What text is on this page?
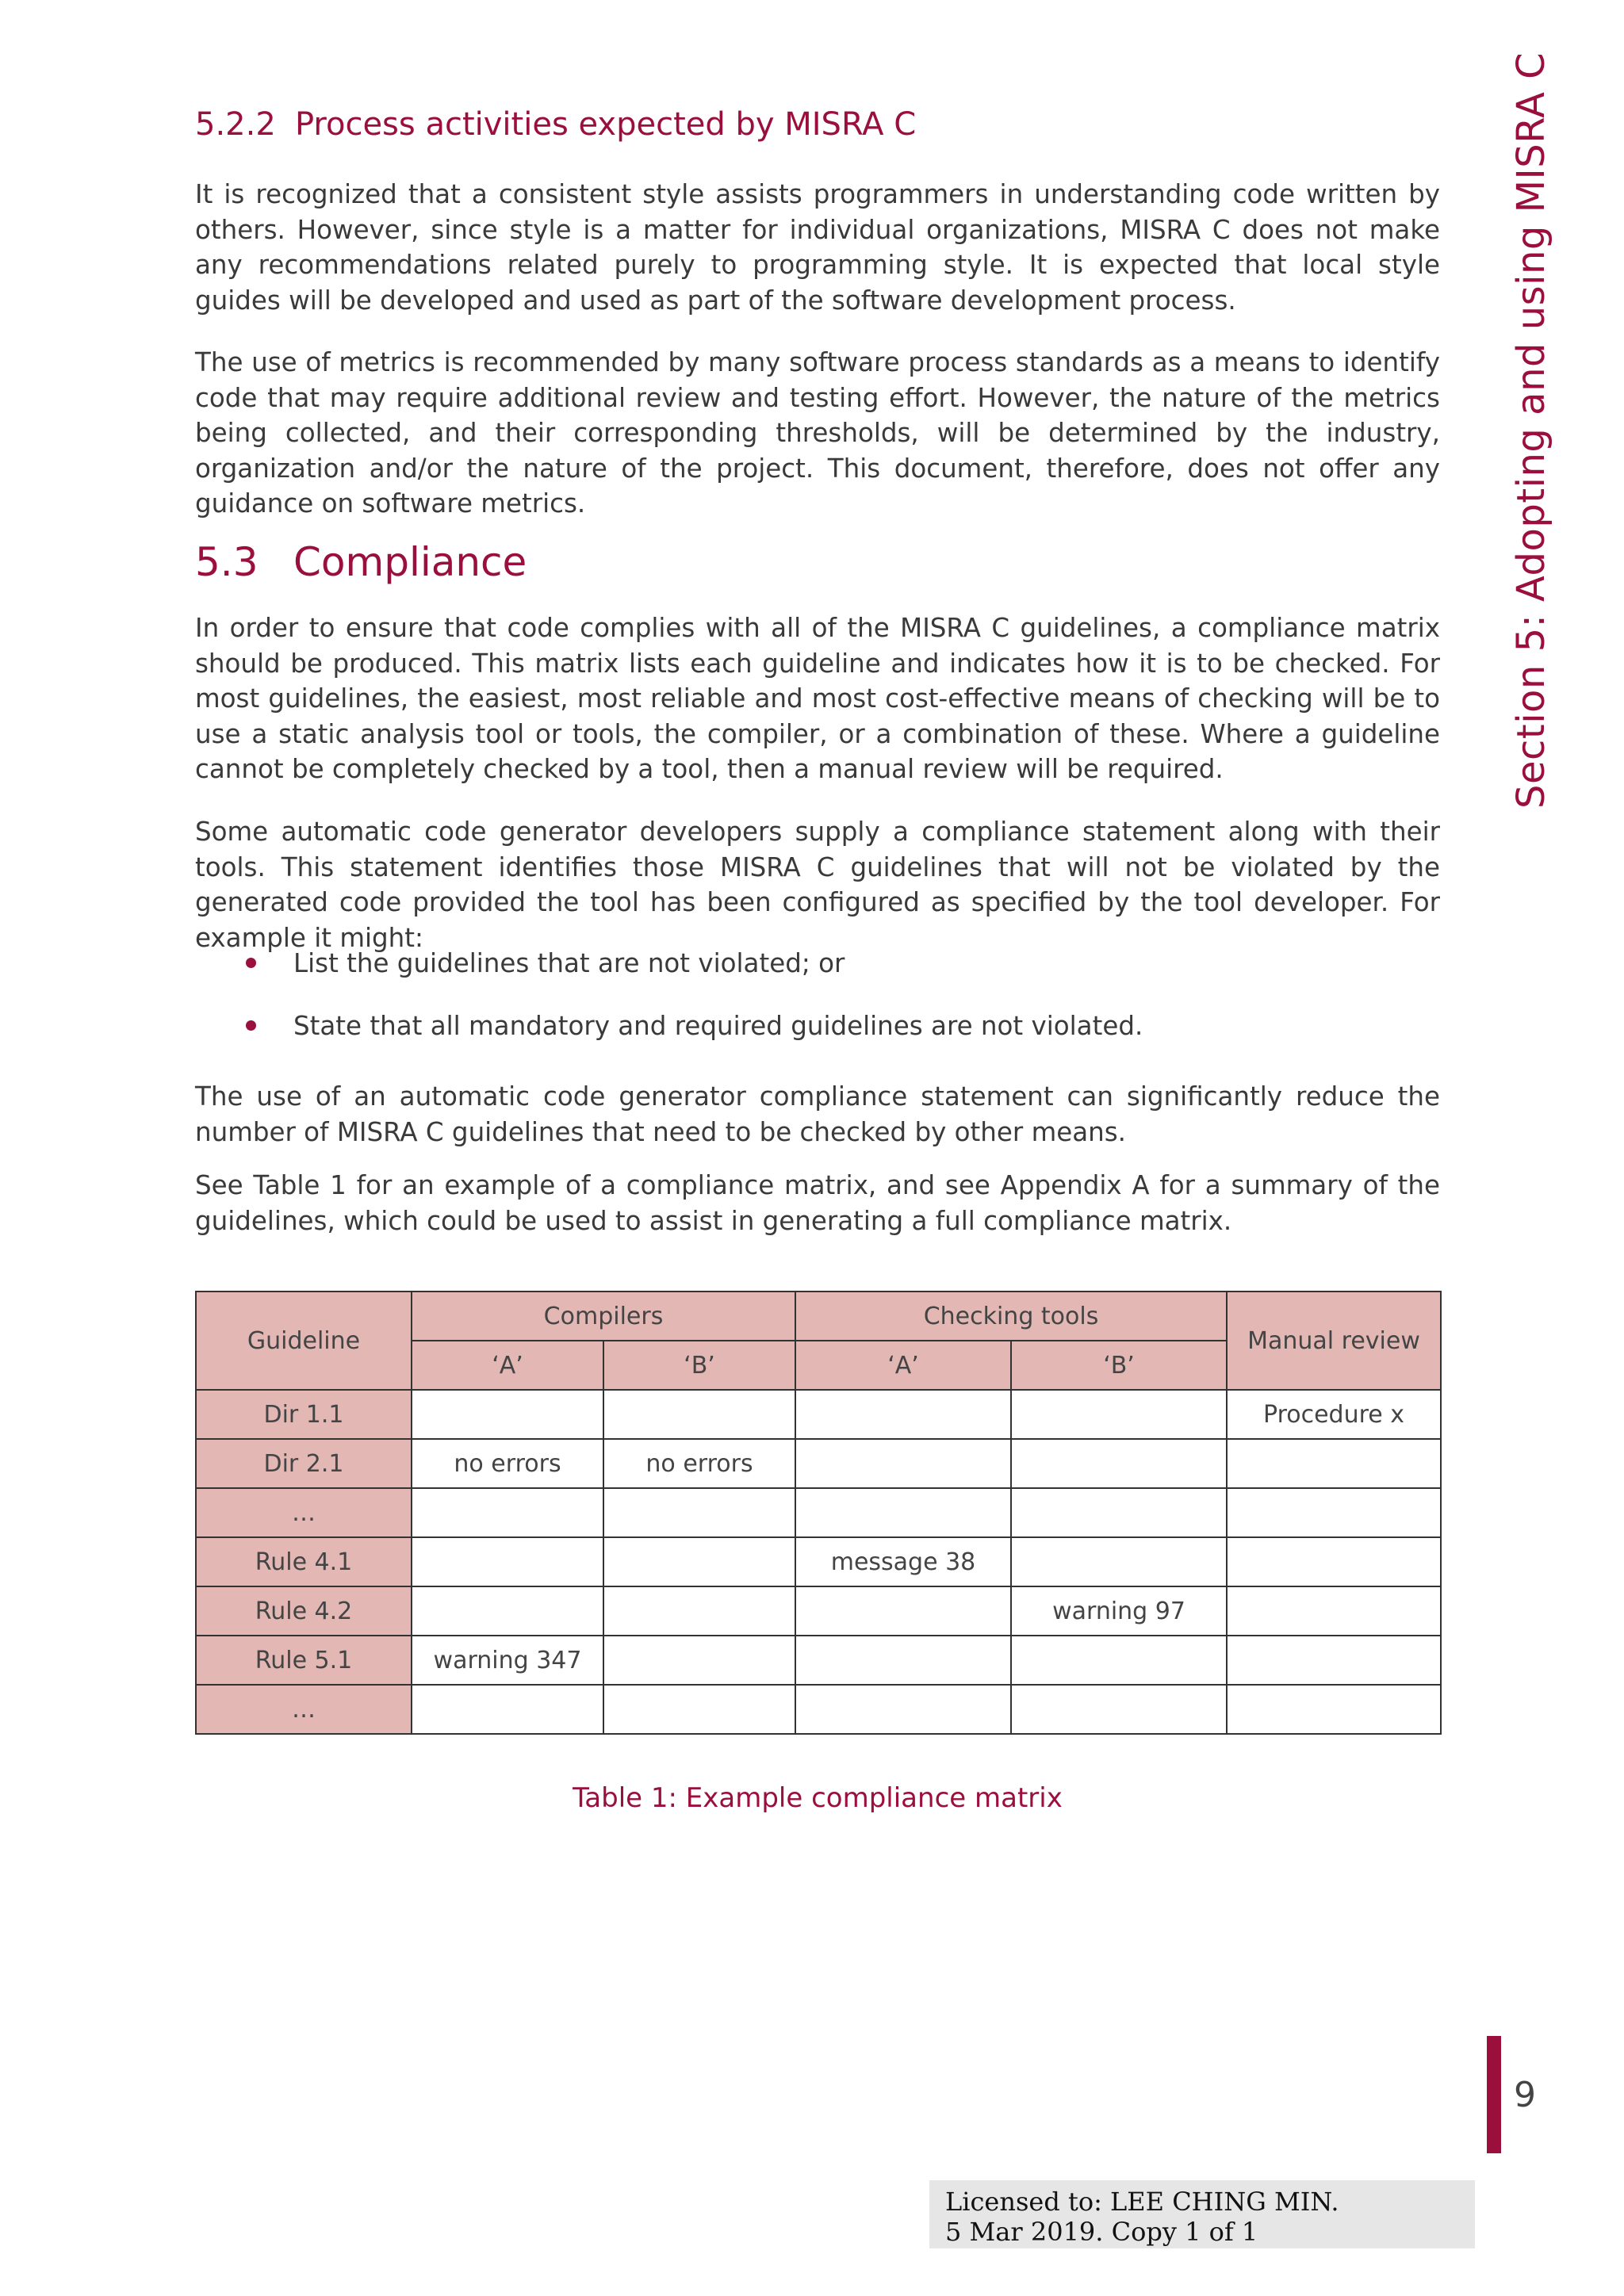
5.2.2 Process activities expected by MISRA C

It is recognized that a consistent style assists programmers in understanding code written by others. However, since style is a matter for individual organizations, MISRA C does not make any recommendations related purely to programming style. It is expected that local style guides will be developed and used as part of the software development process.

The use of metrics is recommended by many software process standards as a means to identify code that may require additional review and testing effort. However, the nature of the metrics being collected, and their corresponding thresholds, will be determined by the industry, organization and/or the nature of the project. This document, therefore, does not offer any guidance on software metrics.

5.3 Compliance

In order to ensure that code complies with all of the MISRA C guidelines, a compliance matrix should be produced. This matrix lists each guideline and indicates how it is to be checked. For most guidelines, the easiest, most reliable and most cost-effective means of checking will be to use a static analysis tool or tools, the compiler, or a combination of these. Where a guideline cannot be completely checked by a tool, then a manual review will be required.

Some automatic code generator developers supply a compliance statement along with their tools. This statement identifies those MISRA C guidelines that will not be violated by the generated code provided the tool has been configured as specified by the tool developer. For example it might:

List the guidelines that are not violated; or
State that all mandatory and required guidelines are not violated.

The use of an automatic code generator compliance statement can significantly reduce the number of MISRA C guidelines that need to be checked by other means.

See Table 1 for an example of a compliance matrix, and see Appendix A for a summary of the guidelines, which could be used to assist in generating a full compliance matrix.

Guideline	Compilers		Checking tools		Manual review
	‘A’	‘B’	‘A’	‘B’	
Dir 1.1					Procedure x
Dir 2.1	no errors	no errors			
…					
Rule 4.1			message 38		
Rule 4.2				warning 97	
Rule 5.1	warning 347				
…					
Table 1: Example compliance matrix
Section 5: Adopting and using MISRA C
9
Licensed to: LEE CHING MIN.
5 Mar 2019. Copy 1 of 1
